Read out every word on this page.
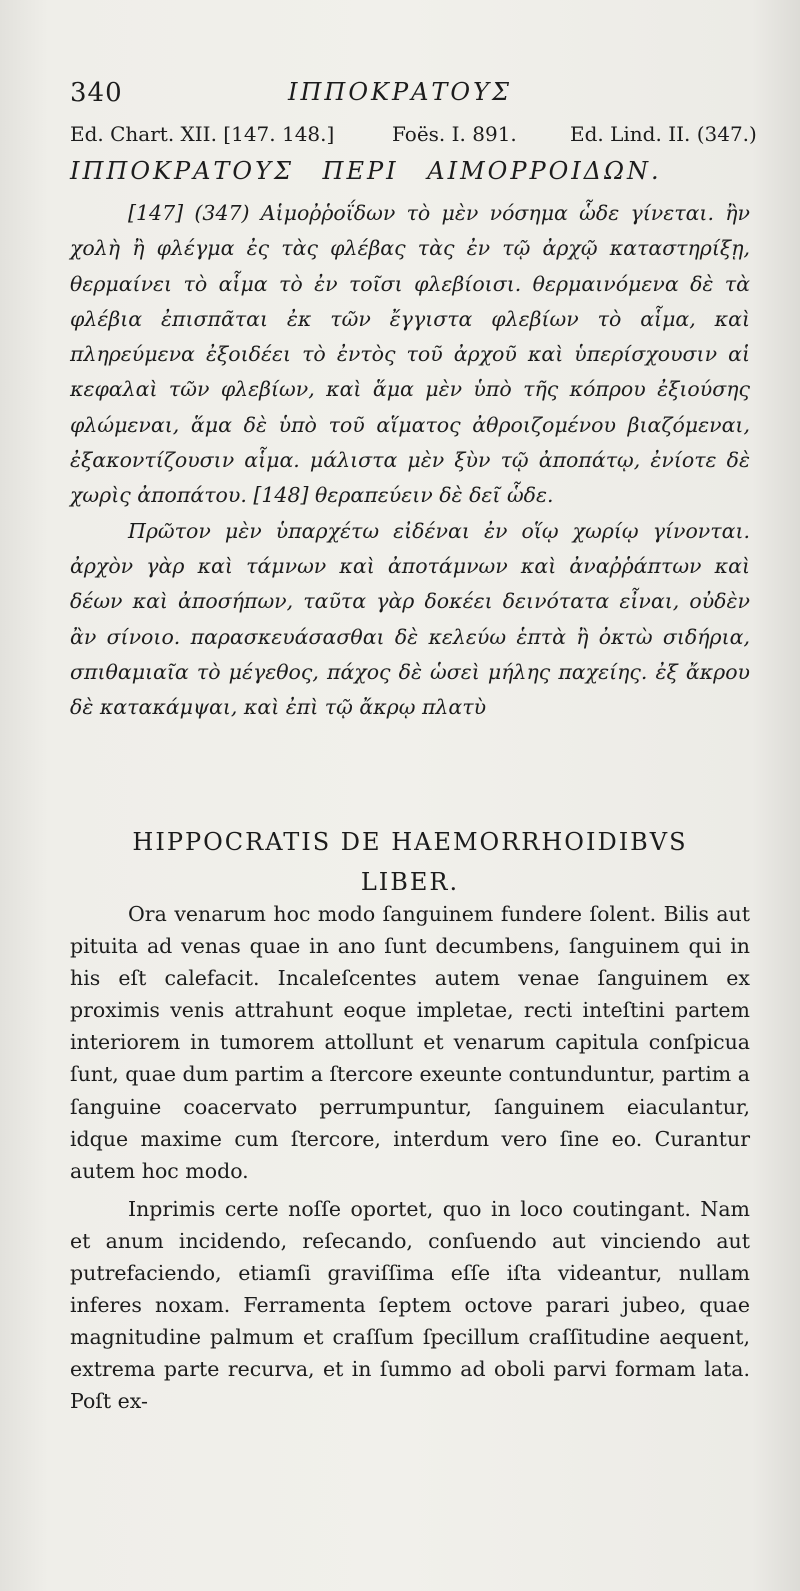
340	ΙΠΠΟΚΡΑΤΟΥΣ
Ed. Chart. XII. [147. 148.]	Foës. I. 891.	Ed. Lind. II. (347.)
ΙΠΠΟΚΡΑΤΟΥΣ ΠΕΡΙ ΑΙΜΟΡΡΟΙΔΩΝ.

[147] (347) Αἱμοῤῥοΐδων τὸ μὲν νόσημα ὧδε γίνεται. ἢν χολὴ ἢ φλέγμα ἐς τὰς φλέβας τὰς ἐν τῷ ἀρχῷ καταστηρίξῃ, θερμαίνει τὸ αἷμα τὸ ἐν τοῖσι φλεβίοισι. θερμαινόμενα δὲ τὰ φλέβια ἐπισπᾶται ἐκ τῶν ἔγγιστα φλεβίων τὸ αἷμα, καὶ πληρεύμενα ἐξοιδέει τὸ ἐντὸς τοῦ ἀρχοῦ καὶ ὑπερίσχουσιν αἱ κεφαλαὶ τῶν φλεβίων, καὶ ἅμα μὲν ὑπὸ τῆς κόπρου ἐξιούσης φλώμεναι, ἅμα δὲ ὑπὸ τοῦ αἵματος ἀθροιζομένου βιαζόμεναι, ἐξακοντίζουσιν αἷμα. μάλιστα μὲν ξὺν τῷ ἀποπάτῳ, ἐνίοτε δὲ χωρὶς ἀποπάτου. [148] θεραπεύειν δὲ δεῖ ὧδε.

Πρῶτον μὲν ὑπαρχέτω εἰδέναι ἐν οἵῳ χωρίῳ γίνονται. ἀρχὸν γὰρ καὶ τάμνων καὶ ἀποτάμνων καὶ ἀναῤῥάπτων καὶ δέων καὶ ἀποσήπων, ταῦτα γὰρ δοκέει δεινότατα εἶναι, οὐδὲν ἂν σίνοιο. παρασκευάσασθαι δὲ κελεύω ἑπτὰ ἢ ὀκτὼ σιδήρια, σπιθαμιαῖα τὸ μέγεθος, πάχος δὲ ὡσεὶ μήλης παχείης. ἐξ ἄκρου δὲ κατακάμψαι, καὶ ἐπὶ τῷ ἄκρῳ πλατὺ

HIPPOCRATIS DE HAEMORRHOIDIBVS
LIBER.

Ora venarum hoc modo ſanguinem fundere ſolent. Bilis aut pituita ad venas quae in ano ſunt decumbens, ſanguinem qui in his eſt calefacit. Incaleſcentes autem venae ſanguinem ex proximis venis attrahunt eoque impletae, recti inteſtini partem interiorem in tumorem attollunt et venarum capitula conſpicua ſunt, quae dum partim a ſtercore exeunte contunduntur, partim a ſanguine coacervato perrumpuntur, ſanguinem eiaculantur, idque maxime cum ſtercore, interdum vero ſine eo. Curantur autem hoc modo.

Inprimis certe noſſe oportet, quo in loco coutingant. Nam et anum incidendo, reſecando, conſuendo aut vinciendo aut putrefaciendo, etiamſi graviſſima eſſe iſta videantur, nullam inferes noxam. Ferramenta ſeptem octove parari jubeo, quae magnitudine palmum et craſſum ſpecillum craſſitudine aequent, extrema parte recurva, et in ſummo ad oboli parvi formam lata. Poſt ex-
